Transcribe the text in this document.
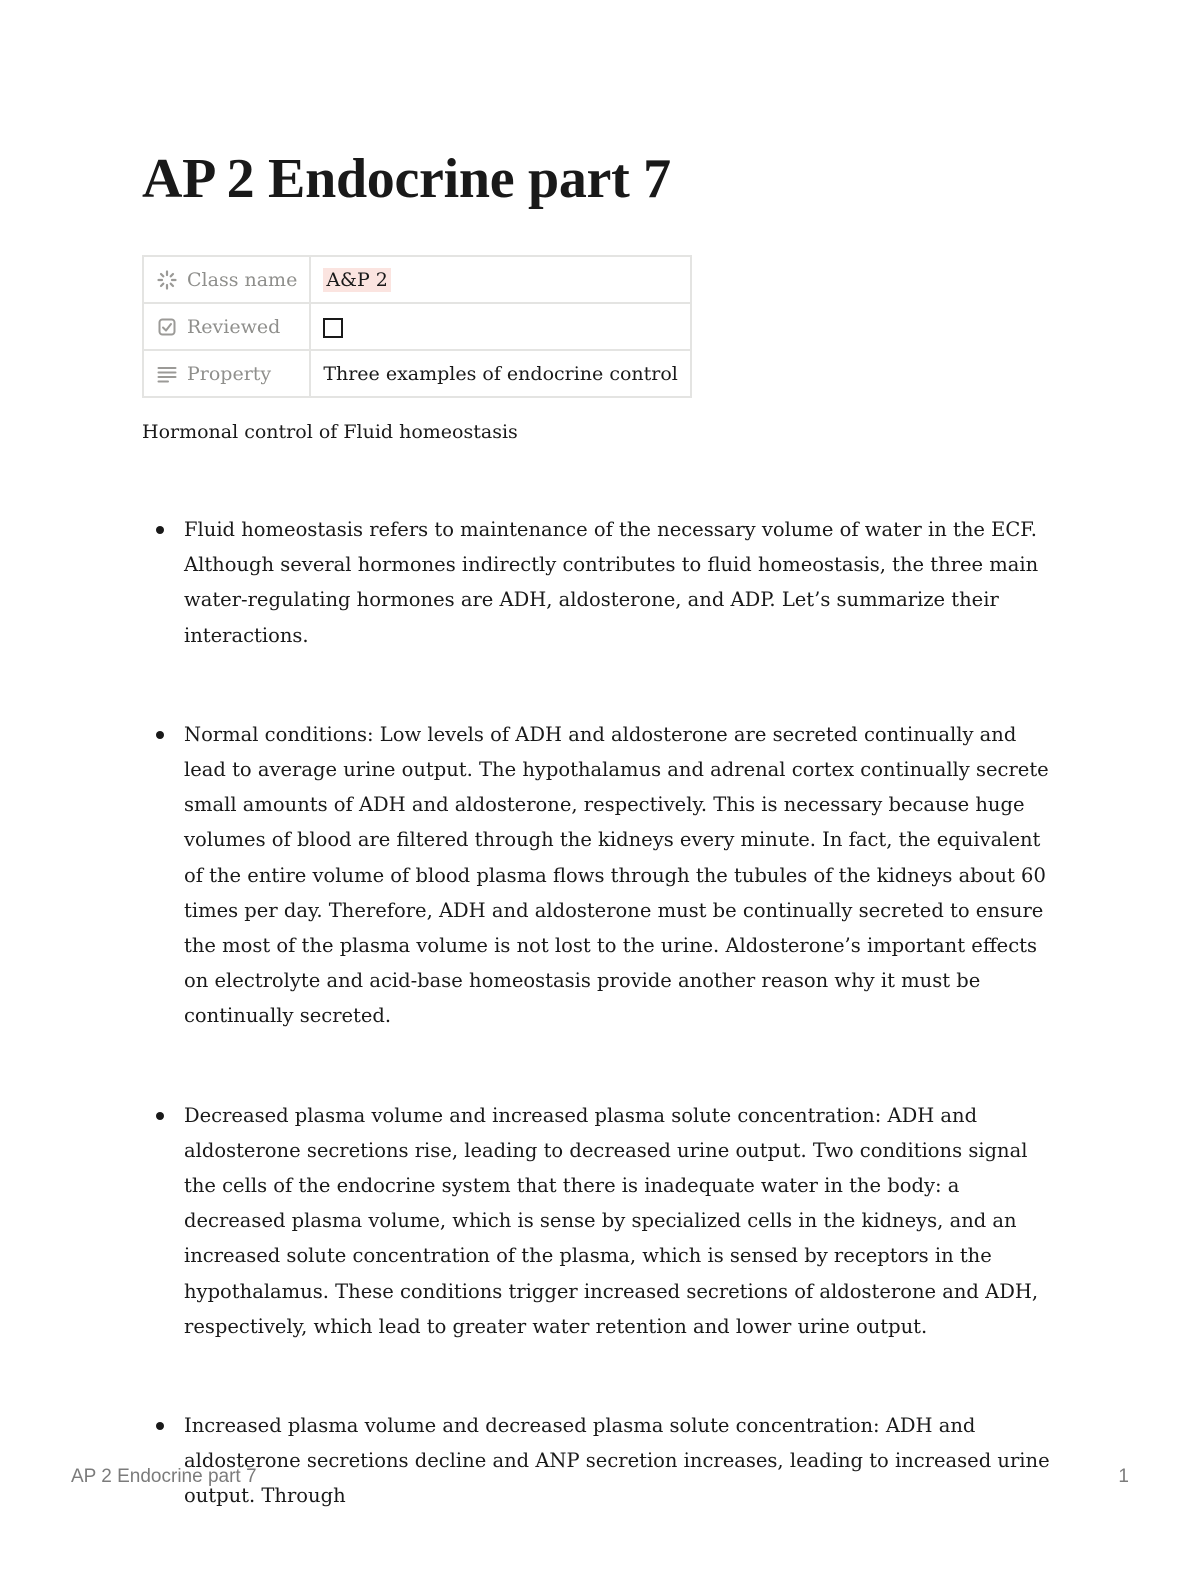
AP 2 Endocrine part 7
Class name	A&P 2

Reviewed	

Property	Three examples of endocrine control

Hormonal control of Fluid homeostasis

Fluid homeostasis refers to maintenance of the necessary volume of water in the ECF. Although several hormones indirectly contributes to fluid homeostasis, the three main water-regulating hormones are ADH, aldosterone, and ADP. Let’s summarize their interactions.
Normal conditions: Low levels of ADH and aldosterone are secreted continually and lead to average urine output. The hypothalamus and adrenal cortex continually secrete small amounts of ADH and aldosterone, respectively. This is necessary because huge volumes of blood are filtered through the kidneys every minute. In fact, the equivalent of the entire volume of blood plasma flows through the tubules of the kidneys about 60 times per day. Therefore, ADH and aldosterone must be continually secreted to ensure the most of the plasma volume is not lost to the urine. Aldosterone’s important effects on electrolyte and acid-base homeostasis provide another reason why it must be continually secreted.
Decreased plasma volume and increased plasma solute concentration: ADH and aldosterone secretions rise, leading to decreased urine output. Two conditions signal the cells of the endocrine system that there is inadequate water in the body: a decreased plasma volume, which is sense by specialized cells in the kidneys, and an increased solute concentration of the plasma, which is sensed by receptors in the hypothalamus. These conditions trigger increased secretions of aldosterone and ADH, respectively, which lead to greater water retention and lower urine output.
Increased plasma volume and decreased plasma solute concentration: ADH and aldosterone secretions decline and ANP secretion increases, leading to increased urine output. Through
AP 2 Endocrine part 7	1
